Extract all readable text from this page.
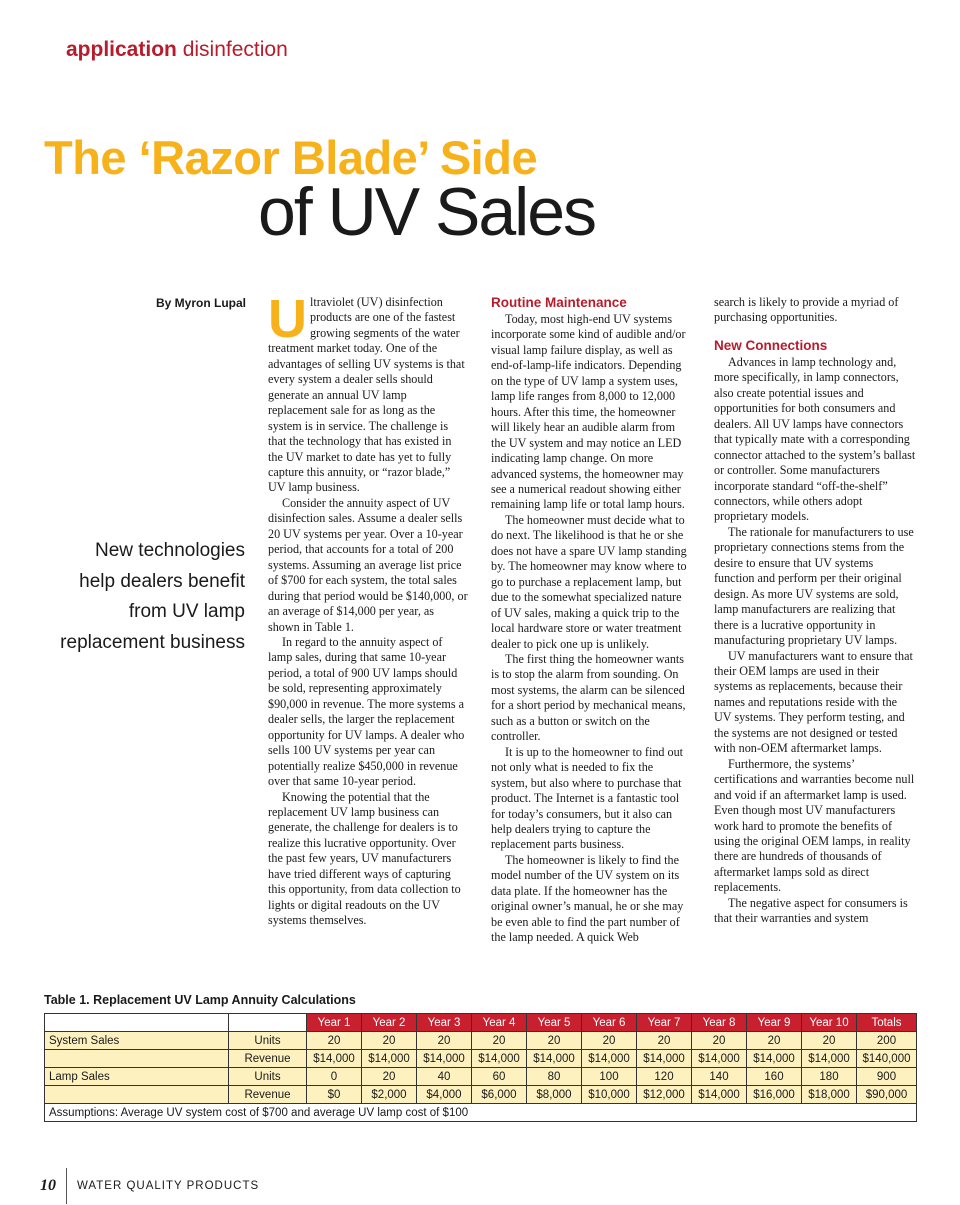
application disinfection
The ‘Razor Blade’ Side
of UV Sales
By Myron Lupal
New technologies
help dealers benefit
from UV lamp
replacement business

Ultraviolet (UV) disinfection products are one of the fastest growing segments of the water treatment market today. One of the advantages of selling UV systems is that every system a dealer sells should generate an annual UV lamp replacement sale for as long as the system is in service. The challenge is that the technology that has existed in the UV market to date has yet to fully capture this annuity, or “razor blade,” UV lamp business.

Consider the annuity aspect of UV disinfection sales. Assume a dealer sells 20 UV systems per year. Over a 10-year period, that accounts for a total of 200 systems. Assuming an average list price of $700 for each system, the total sales during that period would be $140,000, or an average of $14,000 per year, as shown in Table 1.

In regard to the annuity aspect of lamp sales, during that same 10-year period, a total of 900 UV lamps should be sold, representing approximately $90,000 in revenue. The more systems a dealer sells, the larger the replacement opportunity for UV lamps. A dealer who sells 100 UV systems per year can potentially realize $450,000 in revenue over that same 10-year period.

Knowing the potential that the replacement UV lamp business can generate, the challenge for dealers is to realize this lucrative opportunity. Over the past few years, UV manufacturers have tried different ways of capturing this opportunity, from data collection to lights or digital readouts on the UV systems themselves.

Routine Maintenance

Today, most high-end UV systems incorporate some kind of audible and/or visual lamp failure display, as well as end-of-lamp-life indicators. Depending on the type of UV lamp a system uses, lamp life ranges from 8,000 to 12,000 hours. After this time, the homeowner will likely hear an audible alarm from the UV system and may notice an LED indicating lamp change. On more advanced systems, the homeowner may see a numerical readout showing either remaining lamp life or total lamp hours.

The homeowner must decide what to do next. The likelihood is that he or she does not have a spare UV lamp standing by. The homeowner may know where to go to purchase a replacement lamp, but due to the somewhat specialized nature of UV sales, making a quick trip to the local hardware store or water treatment dealer to pick one up is unlikely.

The first thing the homeowner wants is to stop the alarm from sounding. On most systems, the alarm can be silenced for a short period by mechanical means, such as a button or switch on the controller.

It is up to the homeowner to find out not only what is needed to fix the system, but also where to purchase that product. The Internet is a fantastic tool for today’s consumers, but it also can help dealers trying to capture the replacement parts business.

The homeowner is likely to find the model number of the UV system on its data plate. If the homeowner has the original owner’s manual, he or she may be even able to find the part number of the lamp needed. A quick Web

search is likely to provide a myriad of purchasing opportunities.

New Connections

Advances in lamp technology and, more specifically, in lamp connectors, also create potential issues and opportunities for both consumers and dealers. All UV lamps have connectors that typically mate with a corresponding connector attached to the system’s ballast or controller. Some manufacturers incorporate standard “off-the-shelf” connectors, while others adopt proprietary models.

The rationale for manufacturers to use proprietary connections stems from the desire to ensure that UV systems function and perform per their original design. As more UV systems are sold, lamp manufacturers are realizing that there is a lucrative opportunity in manufacturing proprietary UV lamps.

UV manufacturers want to ensure that their OEM lamps are used in their systems as replacements, because their names and reputations reside with the UV systems. They perform testing, and the systems are not designed or tested with non-OEM aftermarket lamps.

Furthermore, the systems’ certifications and warranties become null and void if an aftermarket lamp is used. Even though most UV manufacturers work hard to promote the benefits of using the original OEM lamps, in reality there are hundreds of thousands of aftermarket lamps sold as direct replacements.

The negative aspect for consumers is that their warranties and system

Table 1. Replacement UV Lamp Annuity Calculations
		Year 1	Year 2	Year 3	Year 4	Year 5	Year 6	Year 7	Year 8	Year 9	Year 10	Totals
System Sales	Units	20	20	20	20	20	20	20	20	20	20	200
	Revenue	$14,000	$14,000	$14,000	$14,000	$14,000	$14,000	$14,000	$14,000	$14,000	$14,000	$140,000
Lamp Sales	Units	0	20	40	60	80	100	120	140	160	180	900
	Revenue	$0	$2,000	$4,000	$6,000	$8,000	$10,000	$12,000	$14,000	$16,000	$18,000	$90,000
Assumptions: Average UV system cost of $700 and average UV lamp cost of $100												
10	WATER QUALITY PRODUCTS
